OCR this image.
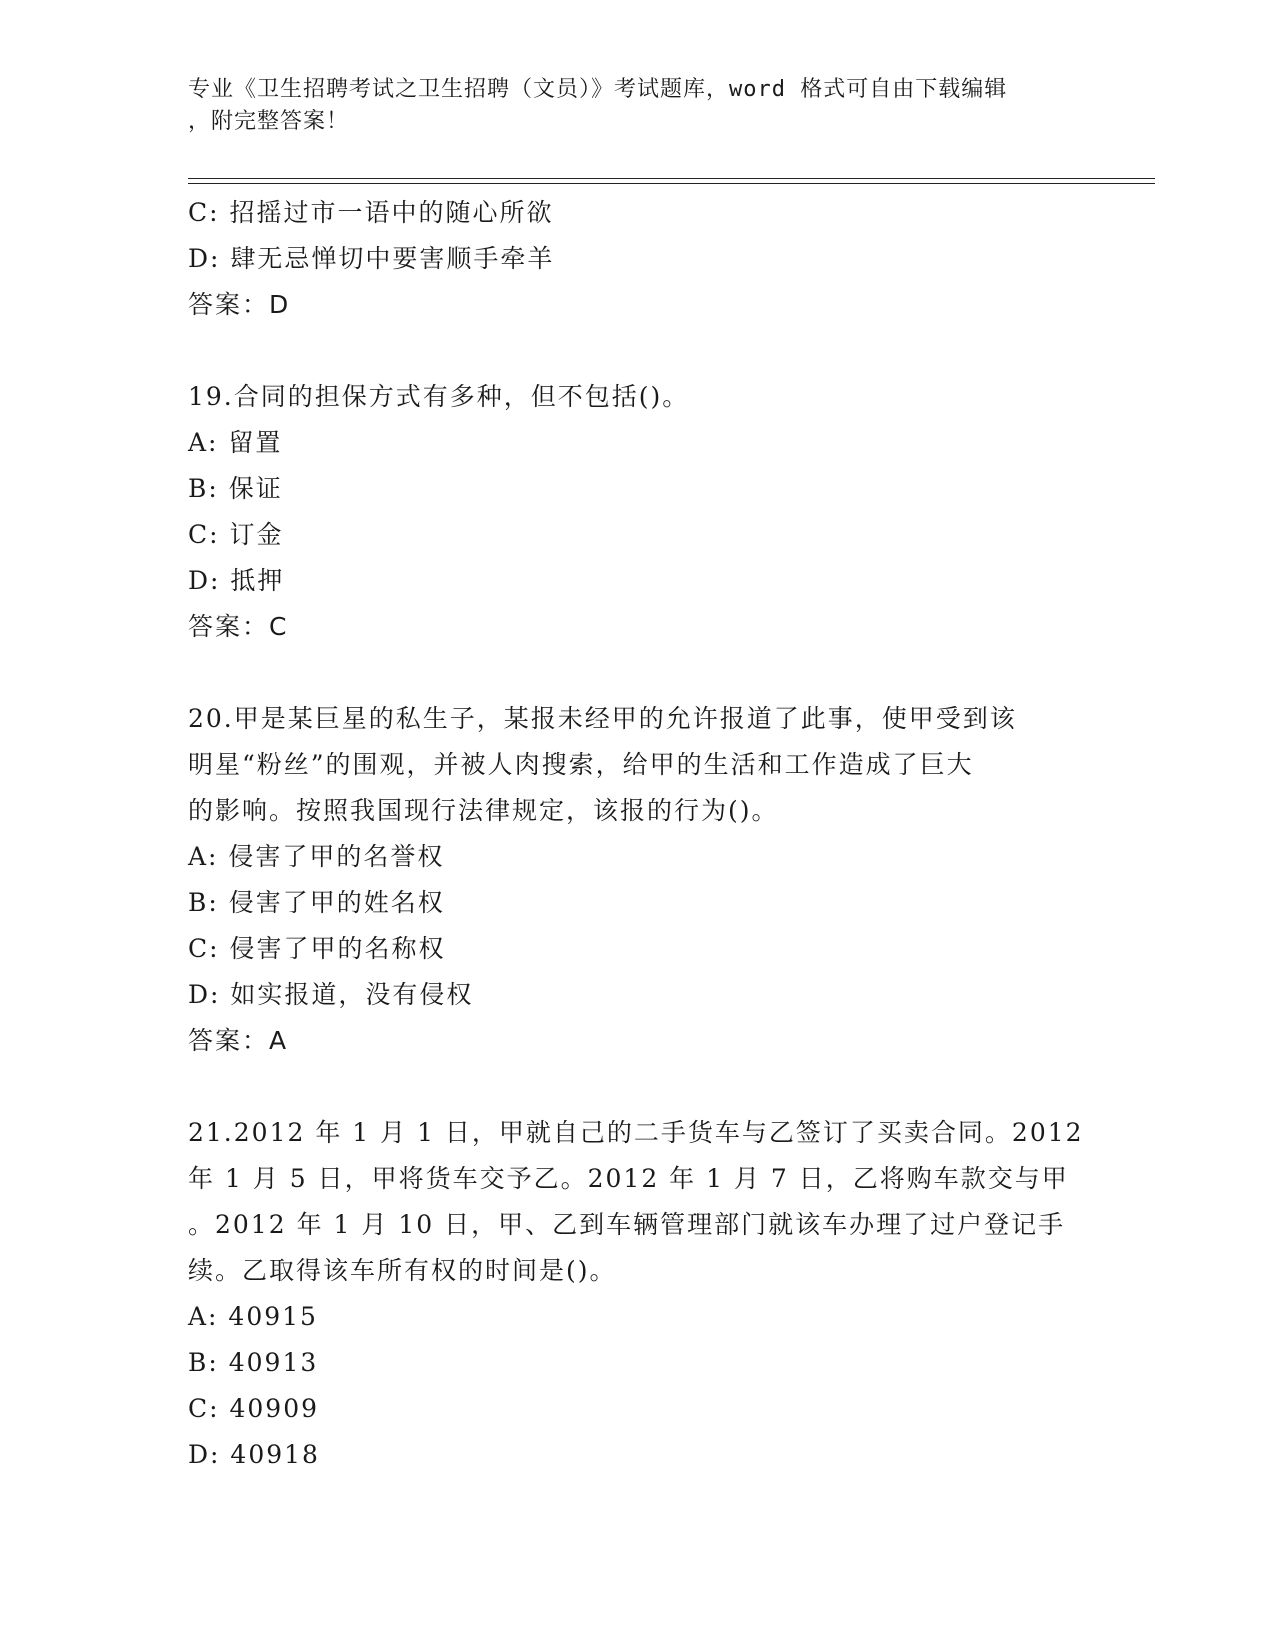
专业《卫生招聘考试之卫生招聘（文员）》考试题库，word 格式可自由下载编辑
，附完整答案！
C: 招摇过市一语中的随心所欲
D: 肆无忌惮切中要害顺手牵羊
答案：D
19.合同的担保方式有多种，但不包括()。
A: 留置
B: 保证
C: 订金
D: 抵押
答案：C
20.甲是某巨星的私生子，某报未经甲的允许报道了此事，使甲受到该
明星“粉丝”的围观，并被人肉搜索，给甲的生活和工作造成了巨大
的影响。按照我国现行法律规定，该报的行为()。
A: 侵害了甲的名誉权
B: 侵害了甲的姓名权
C: 侵害了甲的名称权
D: 如实报道，没有侵权
答案：A
21.2012 年 1 月 1 日，甲就自己的二手货车与乙签订了买卖合同。2012
年 1 月 5 日，甲将货车交予乙。2012 年 1 月 7 日，乙将购车款交与甲
。2012 年 1 月 10 日，甲、乙到车辆管理部门就该车办理了过户登记手
续。乙取得该车所有权的时间是()。
A: 40915
B: 40913
C: 40909
D: 40918
